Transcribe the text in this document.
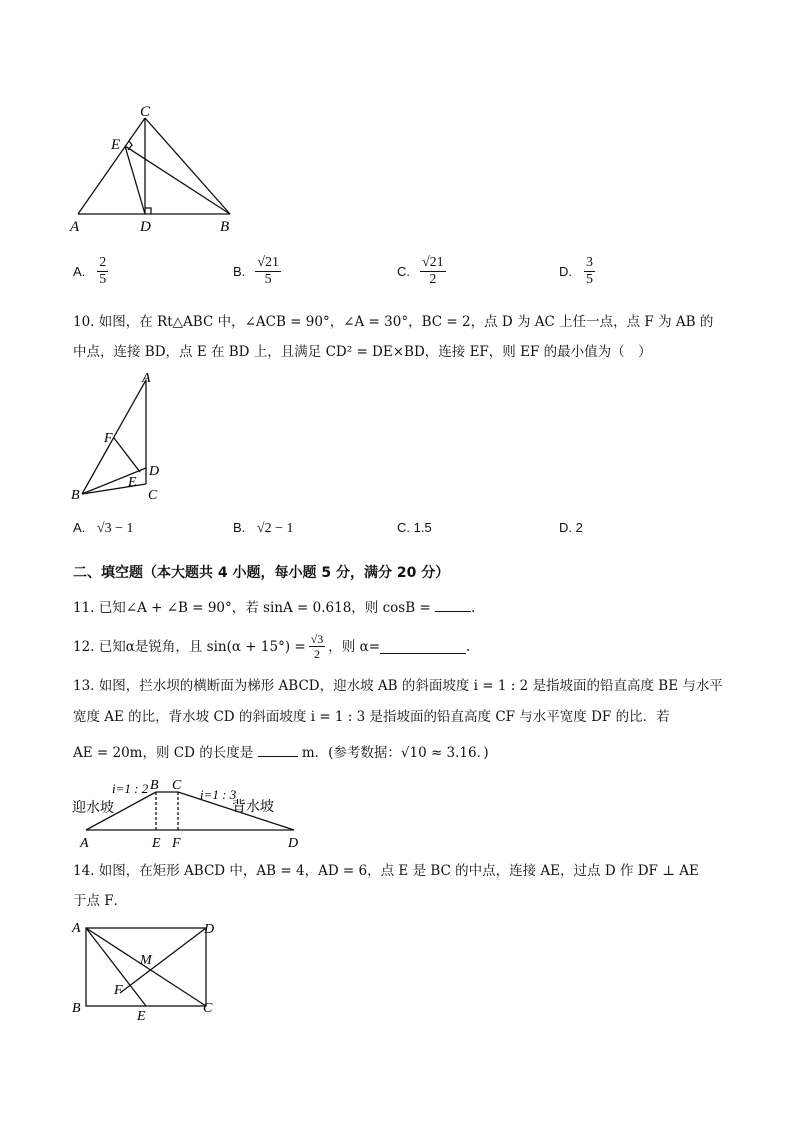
C
E
A	D	B
A. $\frac{2}{5}$	B. $\frac{√21}{5}$	C. $\frac{√21}{2}$	D. $\frac{3}{5}$
10. 如图，在 Rt△ABC 中，∠ACB = 90°，∠A = 30°，BC = 2，点 D 为 AC 上任一点，点 F 为 AB 的
中点，连接 BD，点 E 在 BD 上，且满足 CD² = DE×BD，连接 EF，则 EF 的最小值为（　）
A
F
D
E
B	C
A. √3 − 1	B. √2 − 1	C. 1.5	D. 2
二、填空题（本大题共 4 小题，每小题 5 分，满分 20 分）
11. 已知∠A + ∠B = 90°，若 sinA = 0.618，则 cosB =	.
12. 已知α是锐角，且 $\sin(\alpha + 15^\circ) = \frac{√3}{2}$ ，则 α=	.
13. 如图，拦水坝的横断面为梯形 ABCD，迎水坡 AB 的斜面坡度 i = 1 : 2 是指坡面的铅直高度 BE 与水平
宽度 AE 的比，背水坡 CD 的斜面坡度 i = 1 : 3 是指坡面的铅直高度 CF 与水平宽度 DF 的比．若
AE = 20m，则 CD 的长度是	m．(参考数据：√10 ≈ 3.16．)
i=1 : 2	i=1 : 3
迎水坡	背水坡
B C
A	E F	D
14. 如图，在矩形 ABCD 中，AB = 4，AD = 6，点 E 是 BC 的中点，连接 AE，过点 D 作 DF ⊥ AE
于点 F．
A	D
M
F
B
E
C
